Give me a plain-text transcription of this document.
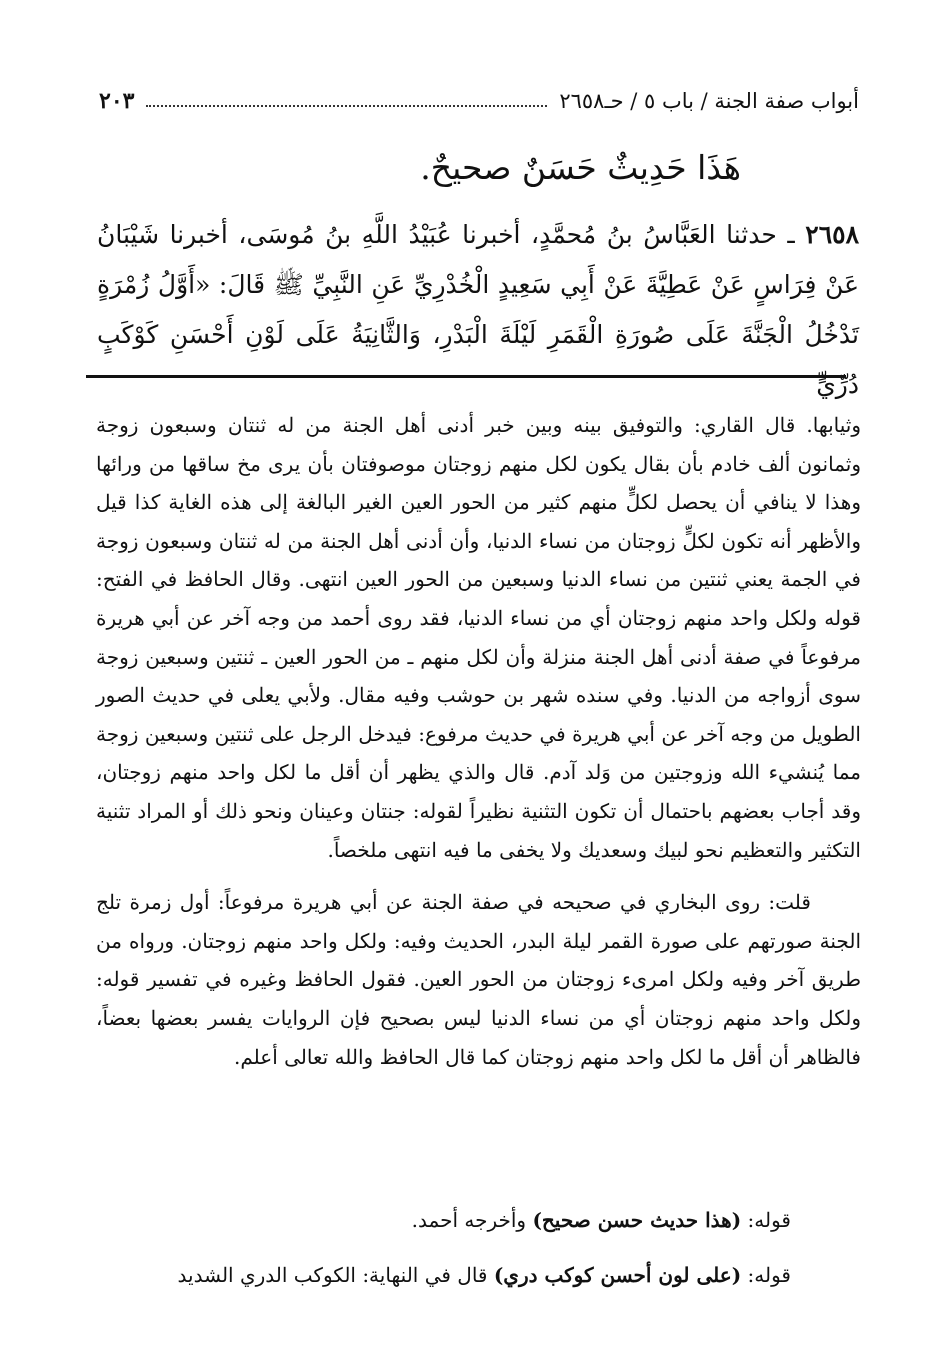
أبواب صفة الجنة / باب ٥ / حـ٢٦٥٨
٢٠٣
هَذَا حَدِيثٌ حَسَنٌ صحيحٌ.
٢٦٥٨ ـ حدثنا العَبَّاسُ بنُ مُحمَّدٍ، أخبرنا عُبَيْدُ اللَّهِ بنُ مُوسَى، أخبرنا شَيْبَانُ عَنْ فِرَاسٍ عَنْ عَطِيَّةَ عَنْ أَبِي سَعِيدٍ الْخُدْرِيِّ عَنِ النَّبِيِّ ﷺ قَالَ: «أَوَّلُ زُمْرَةٍ تَدْخُلُ الْجَنَّةَ عَلَى صُورَةِ الْقَمَرِ لَيْلَةَ الْبَدْرِ، وَالثَّانِيَةُ عَلَى لَوْنِ أَحْسَنِ كَوْكَبٍ دُرِّيٍّ

وثيابها. قال القاري: والتوفيق بينه وبين خبر أدنى أهل الجنة من له ثنتان وسبعون زوجة وثمانون ألف خادم بأن بقال يكون لكل منهم زوجتان موصوفتان بأن يرى مخ ساقها من ورائها وهذا لا ينافي أن يحصل لكلٍّ منهم كثير من الحور العين الغير البالغة إلى هذه الغاية كذا قيل والأظهر أنه تكون لكلٍّ زوجتان من نساء الدنيا، وأن أدنى أهل الجنة من له ثنتان وسبعون زوجة في الجمة يعني ثنتين من نساء الدنيا وسبعين من الحور العين انتهى. وقال الحافظ في الفتح: قوله ولكل واحد منهم زوجتان أي من نساء الدنيا، فقد روى أحمد من وجه آخر عن أبي هريرة مرفوعاً في صفة أدنى أهل الجنة منزلة وأن لكل منهم ـ من الحور العين ـ ثنتين وسبعين زوجة سوى أزواجه من الدنيا. وفي سنده شهر بن حوشب وفيه مقال. ولأبي يعلى في حديث الصور الطويل من وجه آخر عن أبي هريرة في حديث مرفوع: فيدخل الرجل على ثنتين وسبعين زوجة مما يُنشيء الله وزوجتين من وَلد آدم. قال والذي يظهر أن أقل ما لكل واحد منهم زوجتان، وقد أجاب بعضهم باحتمال أن تكون التثنية نظيراً لقوله: جنتان وعينان ونحو ذلك أو المراد تثنية التكثير والتعظيم نحو لبيك وسعديك ولا يخفى ما فيه انتهى ملخصاً.

قلت: روى البخاري في صحيحه في صفة الجنة عن أبي هريرة مرفوعاً: أول زمرة تلج الجنة صورتهم على صورة القمر ليلة البدر، الحديث وفيه: ولكل واحد منهم زوجتان. ورواه من طريق آخر وفيه ولكل امرىء زوجتان من الحور العين. فقول الحافظ وغيره في تفسير قوله: ولكل واحد منهم زوجتان أي من نساء الدنيا ليس بصحيح فإن الروايات يفسر بعضها بعضاً، فالظاهر أن أقل ما لكل واحد منهم زوجتان كما قال الحافظ والله تعالى أعلم.

قوله: (هذا حديث حسن صحيح) وأخرجه أحمد.
قوله: (على لون أحسن كوكب دري) قال في النهاية: الكوكب الدري الشديد
